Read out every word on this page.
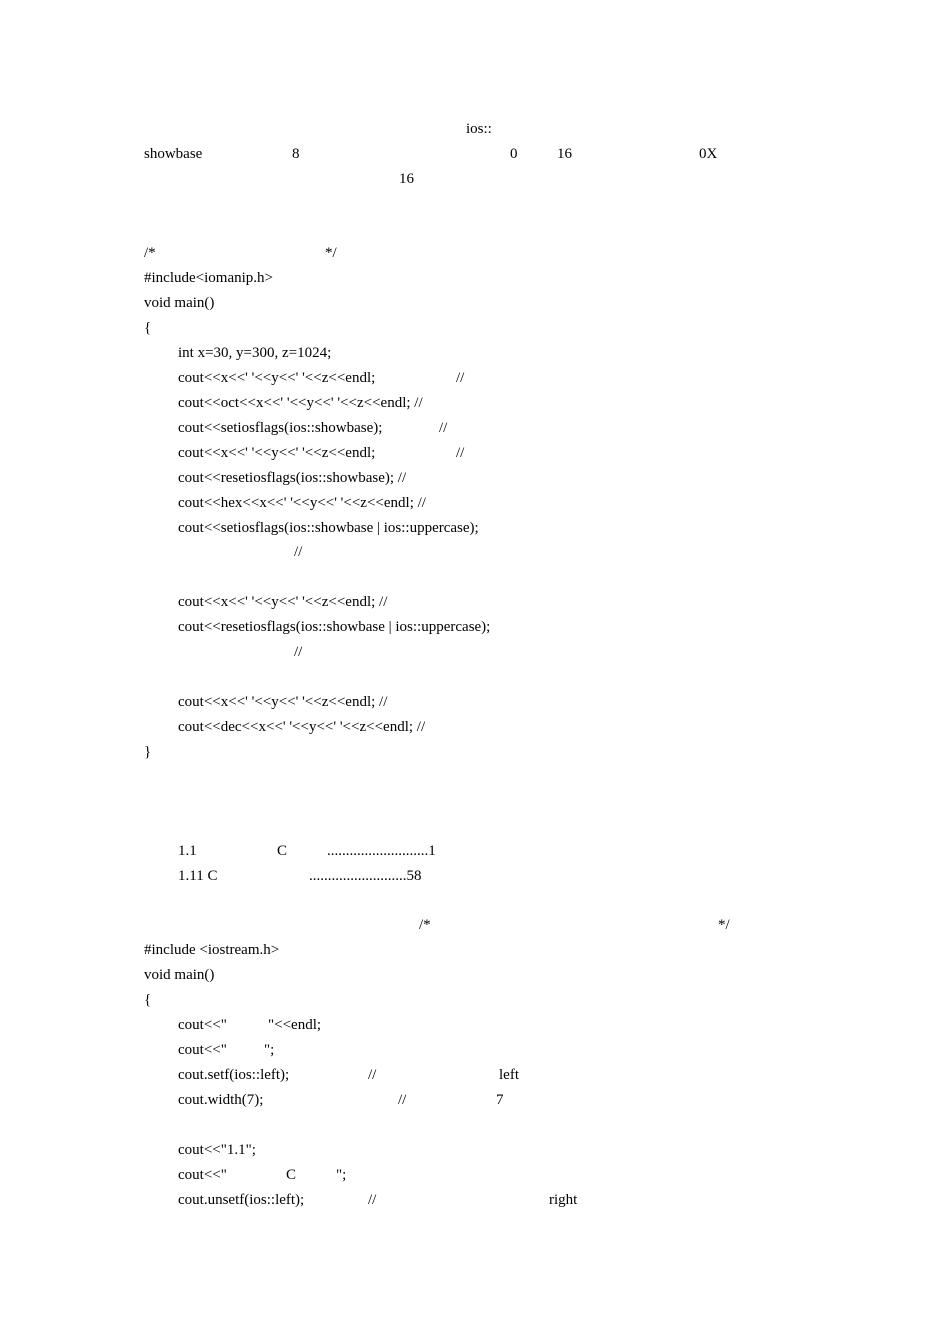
ios::
showbase	8	0	16	0X
16
/*	*/
#include<iomanip.h>
void main()
{
int x=30, y=300, z=1024;
cout<<x<<' '<<y<<' '<<z<<endl;	//
cout<<oct<<x<<' '<<y<<' '<<z<<endl; //
cout<<setiosflags(ios::showbase);	//
cout<<x<<' '<<y<<' '<<z<<endl;	//
cout<<resetiosflags(ios::showbase); //
cout<<hex<<x<<' '<<y<<' '<<z<<endl; //
cout<<setiosflags(ios::showbase | ios::uppercase);
//
cout<<x<<' '<<y<<' '<<z<<endl; //
cout<<resetiosflags(ios::showbase | ios::uppercase);
//
cout<<x<<' '<<y<<' '<<z<<endl; //
cout<<dec<<x<<' '<<y<<' '<<z<<endl; //
}
1.1	C	...........................1
1.11 C	..........................58
/*	*/
#include <iostream.h>
void main()
{
cout<<"	"<<endl;
cout<<" ";
cout.setf(ios::left);	//	left
cout.width(7);	//	7
cout<<"1.1";
cout<<"	C	";
cout.unsetf(ios::left);	//	right
